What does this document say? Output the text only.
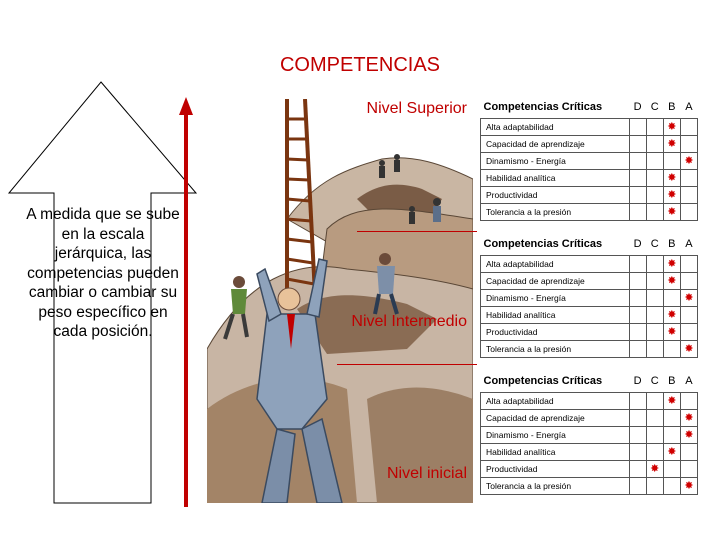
COMPETENCIAS
A medida que se sube en la escala jerárquica, las competencias pueden cambiar o cambiar su peso específico en cada posición.
Nivel Superior
Nivel Intermedio
Nivel inicial
Competencias Críticas	D	C	B	A
Alta adaptabilidad			✸	
Capacidad de aprendizaje			✸	
Dinamismo - Energía				✸
Habilidad analítica			✸	
Productividad			✸	
Tolerancia a la presión			✸	
Competencias Críticas	D	C	B	A
Alta adaptabilidad			✸	
Capacidad de aprendizaje			✸	
Dinamismo - Energía				✸
Habilidad analítica			✸	
Productividad			✸	
Tolerancia a la presión				✸
Competencias Críticas	D	C	B	A
Alta adaptabilidad			✸	
Capacidad de aprendizaje				✸
Dinamismo - Energía				✸
Habilidad analítica			✸	
Productividad		✸		
Tolerancia a la presión				✸
